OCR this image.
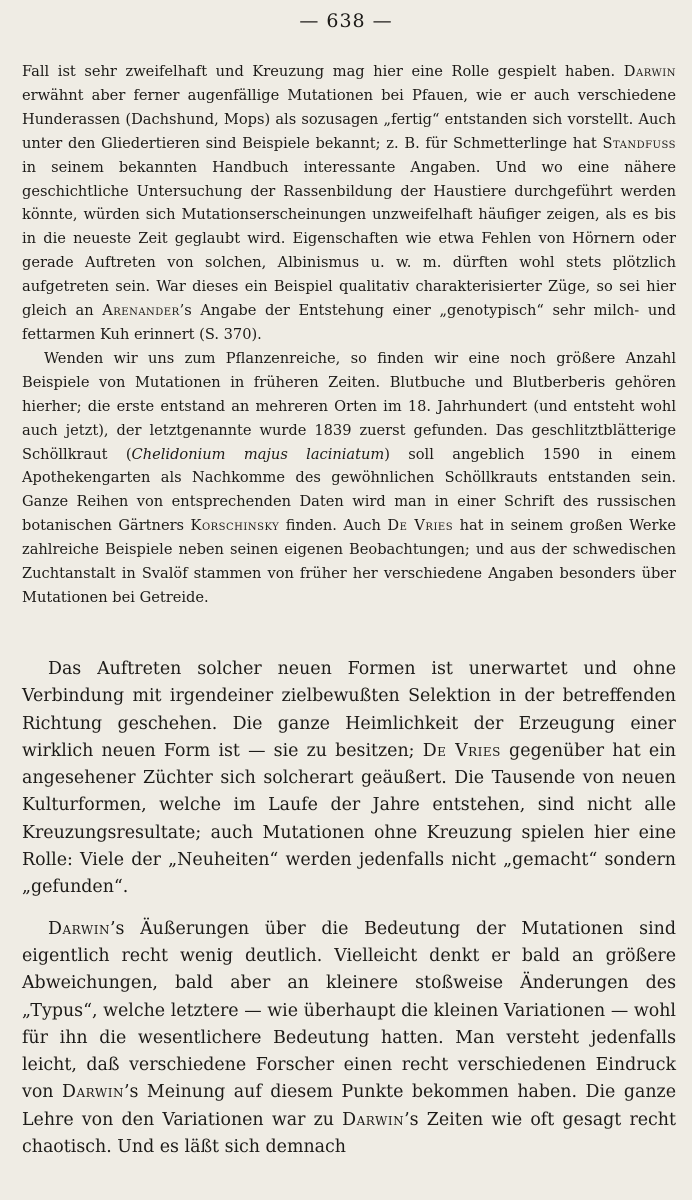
— 638 —

Fall ist sehr zweifelhaft und Kreuzung mag hier eine Rolle gespielt haben. Darwin erwähnt aber ferner augenfällige Mutationen bei Pfauen, wie er auch verschiedene Hunderassen (Dachshund, Mops) als sozusagen „fertig“ entstanden sich vorstellt. Auch unter den Gliedertieren sind Beispiele bekannt; z. B. für Schmetterlinge hat Standfuss in seinem bekannten Handbuch interessante Angaben. Und wo eine nähere geschichtliche Untersuchung der Rassenbildung der Haustiere durchgeführt werden könnte, würden sich Mutationserscheinungen unzweifelhaft häufiger zeigen, als es bis in die neueste Zeit geglaubt wird. Eigenschaften wie etwa Fehlen von Hörnern oder gerade Auftreten von solchen, Albinismus u. w. m. dürften wohl stets plötzlich aufgetreten sein. War dieses ein Beispiel qualitativ charakterisierter Züge, so sei hier gleich an Arenander’s Angabe der Entstehung einer „genotypisch“ sehr milch- und fettarmen Kuh erinnert (S. 370).

Wenden wir uns zum Pflanzenreiche, so finden wir eine noch größere Anzahl Beispiele von Mutationen in früheren Zeiten. Blutbuche und Blutberberis gehören hierher; die erste entstand an mehreren Orten im 18. Jahrhundert (und entsteht wohl auch jetzt), der letztgenannte wurde 1839 zuerst gefunden. Das geschlitztblätterige Schöllkraut (Chelidonium majus laciniatum) soll angeblich 1590 in einem Apothekengarten als Nachkomme des gewöhnlichen Schöllkrauts entstanden sein. Ganze Reihen von entsprechenden Daten wird man in einer Schrift des russischen botanischen Gärtners Korschinsky finden. Auch De Vries hat in seinem großen Werke zahlreiche Beispiele neben seinen eigenen Beobachtungen; und aus der schwedischen Zuchtanstalt in Svalöf stammen von früher her verschiedene Angaben besonders über Mutationen bei Getreide.

Das Auftreten solcher neuen Formen ist unerwartet und ohne Verbindung mit irgendeiner zielbewußten Selektion in der betreffenden Richtung geschehen. Die ganze Heimlichkeit der Erzeugung einer wirklich neuen Form ist — sie zu besitzen; De Vries gegenüber hat ein angesehener Züchter sich solcherart geäußert. Die Tausende von neuen Kulturformen, welche im Laufe der Jahre entstehen, sind nicht alle Kreuzungsresultate; auch Mutationen ohne Kreuzung spielen hier eine Rolle: Viele der „Neuheiten“ werden jedenfalls nicht „gemacht“ sondern „gefunden“.

Darwin’s Äußerungen über die Bedeutung der Mutationen sind eigentlich recht wenig deutlich. Vielleicht denkt er bald an größere Abweichungen, bald aber an kleinere stoßweise Änderungen des „Typus“, welche letztere — wie überhaupt die kleinen Variationen — wohl für ihn die wesentlichere Bedeutung hatten. Man versteht jedenfalls leicht, daß verschiedene Forscher einen recht verschiedenen Eindruck von Darwin’s Meinung auf diesem Punkte bekommen haben. Die ganze Lehre von den Variationen war zu Darwin’s Zeiten wie oft gesagt recht chaotisch. Und es läßt sich demnach
